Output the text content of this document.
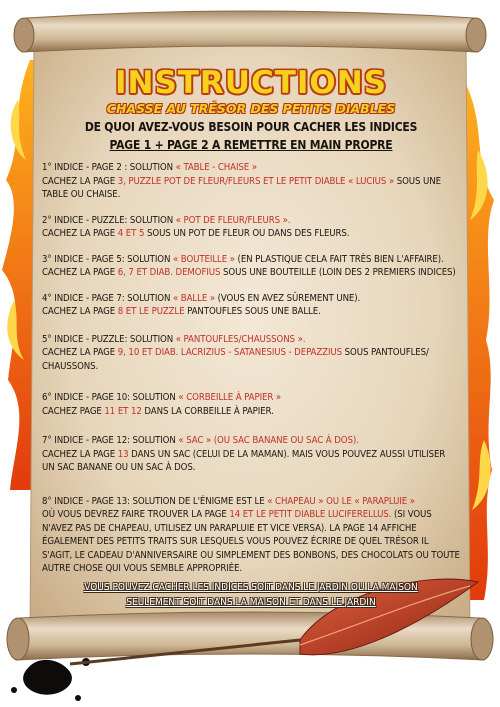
INSTRUCTIONS
CHASSE AU TRÉSOR DES PETITS DIABLES
DE QUOI AVEZ-VOUS BESOIN POUR CACHER LES INDICES
PAGE 1 + PAGE 2 A REMETTRE EN MAIN PROPRE
1° INDICE - PAGE 2 : SOLUTION « TABLE - CHAISE »
CACHEZ LA PAGE 3, PUZZLE POT DE FLEUR/FLEURS ET LE PETIT DIABLE « LUCIUS » SOUS UNE TABLE OU CHAISE.
2° INDICE - PUZZLE: SOLUTION « POT DE FLEUR/FLEURS ».
CACHEZ LA PAGE 4 ET 5 SOUS UN POT DE FLEUR OU DANS DES FLEURS.
3° INDICE - PAGE 5: SOLUTION « BOUTEILLE » (EN PLASTIQUE CELA FAIT TRÈS BIEN L'AFFAIRE).
CACHEZ LA PAGE 6, 7 ET DIAB. DEMOFIUS SOUS UNE BOUTEILLE (LOIN DES 2 PREMIERS INDICES)
4° INDICE - PAGE 7: SOLUTION « BALLE » (VOUS EN AVEZ SÛREMENT UNE).
CACHEZ LA PAGE 8 ET LE PUZZLE PANTOUFLES SOUS UNE BALLE.
5° INDICE - PUZZLE: SOLUTION « PANTOUFLES/CHAUSSONS ».
CACHEZ LA PAGE 9, 10 ET DIAB. LACRIZIUS - SATANESIUS - DEPAZZIUS SOUS PANTOUFLES/ CHAUSSONS.
6° INDICE - PAGE 10: SOLUTION « CORBEILLE À PAPIER »
CACHEZ PAGE 11 ET 12 DANS LA CORBEILLE À PAPIER.
7° INDICE - PAGE 12: SOLUTION « SAC » (OU SAC BANANE OU SAC À DOS).
CACHEZ LA PAGE 13 DANS UN SAC (CELUI DE LA MAMAN). MAIS VOUS POUVEZ AUSSI UTILISER UN SAC BANANE OU UN SAC À DOS.
8° INDICE - PAGE 13: SOLUTION DE L'ÉNIGME EST LE « CHAPEAU » OU LE « PARAPLUIE »
OÙ VOUS DEVREZ FAIRE TROUVER LA PAGE 14 ET LE PETIT DIABLE LUCIFERELLUS. (SI VOUS N'AVEZ PAS DE CHAPEAU, UTILISEZ UN PARAPLUIE ET VICE VERSA). LA PAGE 14 AFFICHE ÉGALEMENT DES PETITS TRAITS SUR LESQUELS VOUS POUVEZ ÉCRIRE DE QUEL TRÉSOR IL S'AGIT, LE CADEAU D'ANNIVERSAIRE OU SIMPLEMENT DES BONBONS, DES CHOCOLATS OU TOUTE AUTRE CHOSE QUI VOUS SEMBLE APPROPRIÉE.
VOUS POUVEZ CACHER LES INDICES SOIT DANS LE JARDIN OU LA MAISON
SEULEMENT SOIT DANS LA MAISON ET DANS LE JARDIN
